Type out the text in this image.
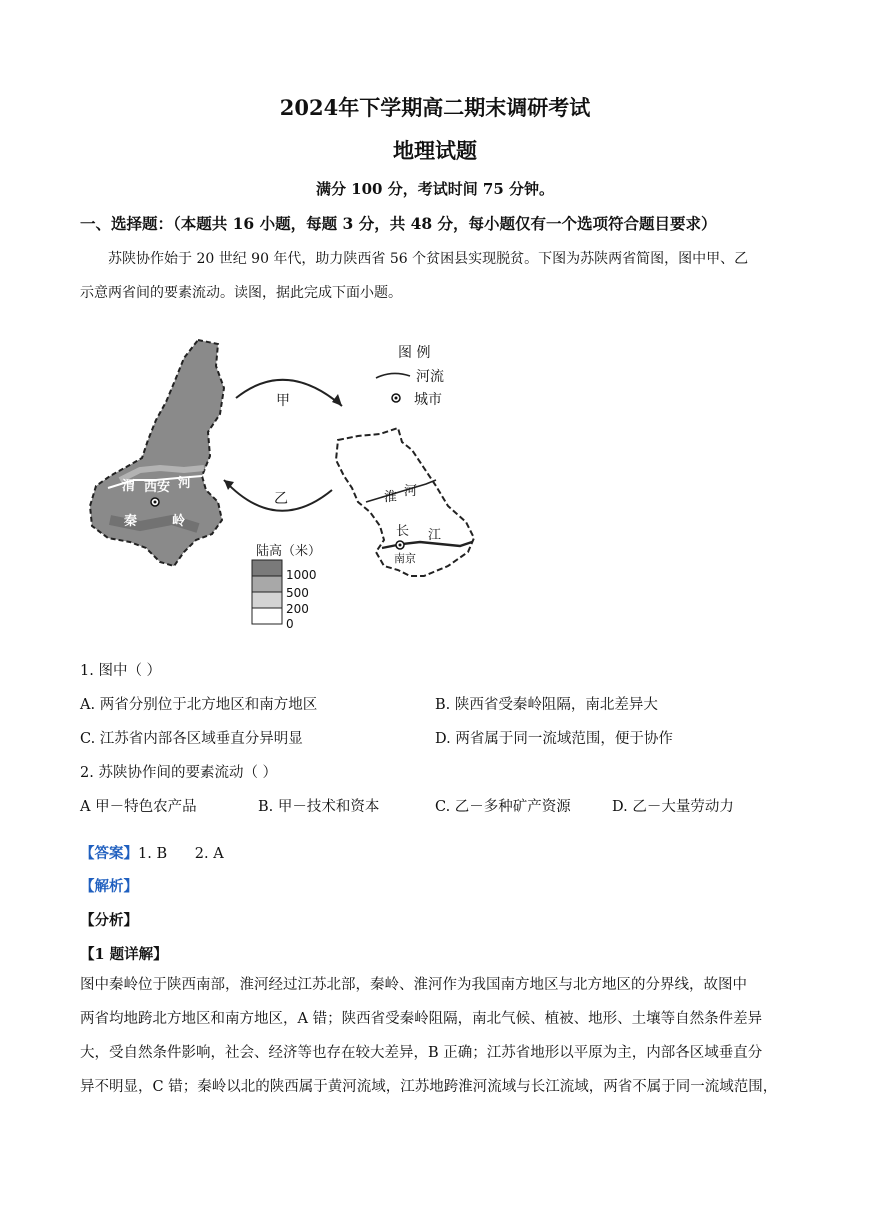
2024年下学期高二期末调研考试
地理试题
满分 100 分，考试时间 75 分钟。
一、选择题：（本题共 16 小题，每题 3 分，共 48 分，每小题仅有一个选项符合题目要求）
苏陕协作始于 20 世纪 90 年代，助力陕西省 56 个贫困县实现脱贫。下图为苏陕两省简图，图中甲、乙
示意两省间的要素流动。读图，据此完成下面小题。
图 例
河流
城市
甲
乙
渭 西安 河
秦	岭
淮 河
长 江
南京
陆高（米）
1000
500
200
0
1. 图中（ ）
A. 两省分别位于北方地区和南方地区	B. 陕西省受秦岭阻隔，南北差异大
C. 江苏省内部各区域垂直分异明显	D. 两省属于同一流域范围，便于协作
2. 苏陕协作间的要素流动（ ）
A 甲－特色农产品	B. 甲－技术和资本	C. 乙－多种矿产资源	D. 乙－大量劳动力
【答案】1. B      2. A
【解析】
【分析】
【1 题详解】
图中秦岭位于陕西南部，淮河经过江苏北部，秦岭、淮河作为我国南方地区与北方地区的分界线，故图中
两省均地跨北方地区和南方地区，A 错；陕西省受秦岭阻隔，南北气候、植被、地形、土壤等自然条件差异
大，受自然条件影响，社会、经济等也存在较大差异，B 正确；江苏省地形以平原为主，内部各区域垂直分
异不明显，C 错；秦岭以北的陕西属于黄河流域，江苏地跨淮河流域与长江流域，两省不属于同一流域范围，
